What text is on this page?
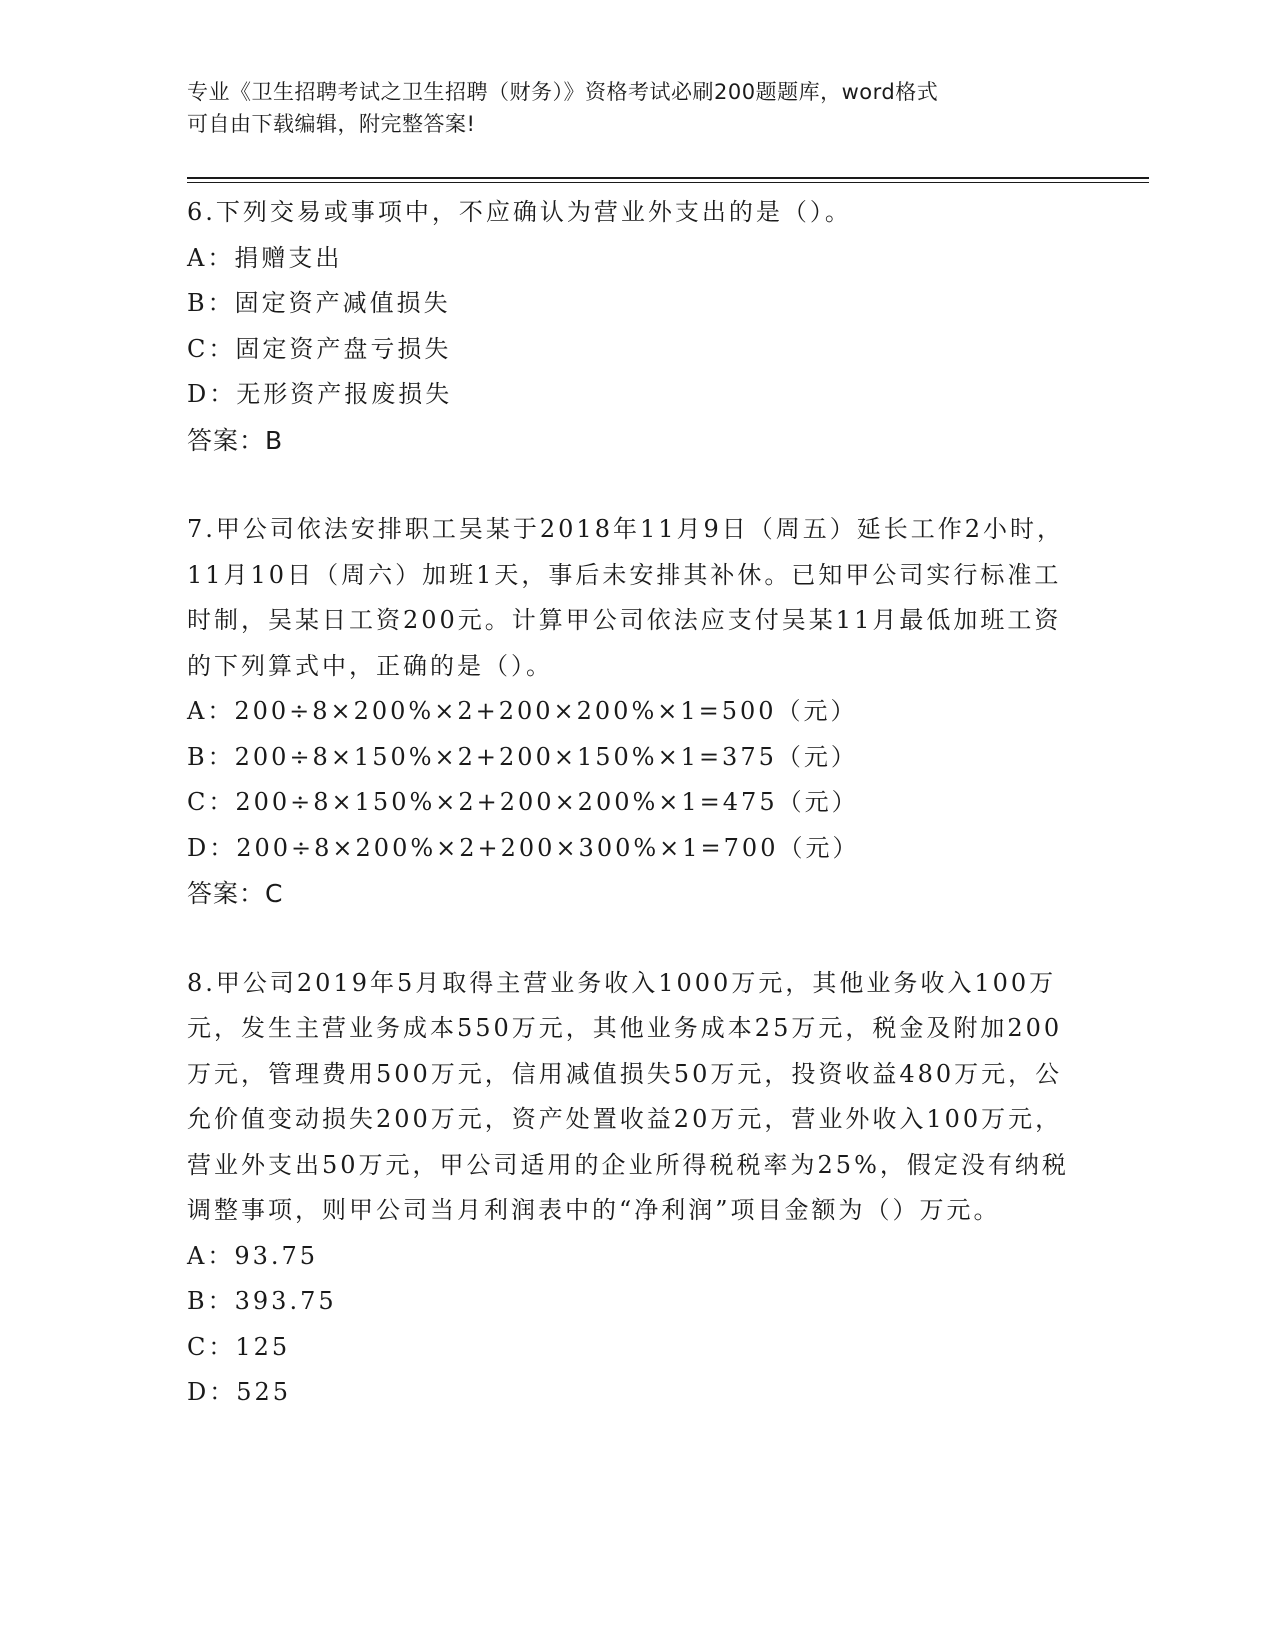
专业《卫生招聘考试之卫生招聘（财务）》资格考试必刷200题题库，word格式
可自由下载编辑，附完整答案!

6.下列交易或事项中，不应确认为营业外支出的是（）。

A：捐赠支出

B：固定资产减值损失

C：固定资产盘亏损失

D：无形资产报废损失

答案：B

7.甲公司依法安排职工吴某于2018年11月9日（周五）延长工作2小时，11月10日（周六）加班1天，事后未安排其补休。已知甲公司实行标准工时制，吴某日工资200元。计算甲公司依法应支付吴某11月最低加班工资的下列算式中，正确的是（）。

A：200÷8×200%×2+200×200%×1=500（元）

B：200÷8×150%×2+200×150%×1=375（元）

C：200÷8×150%×2+200×200%×1=475（元）

D：200÷8×200%×2+200×300%×1=700（元）

答案：C

8.甲公司2019年5月取得主营业务收入1000万元，其他业务收入100万元，发生主营业务成本550万元，其他业务成本25万元，税金及附加200万元，管理费用500万元，信用减值损失50万元，投资收益480万元，公允价值变动损失200万元，资产处置收益20万元，营业外收入100万元，营业外支出50万元，甲公司适用的企业所得税税率为25%，假定没有纳税调整事项，则甲公司当月利润表中的“净利润”项目金额为（）万元。

A：93.75

B：393.75

C：125

D：525
